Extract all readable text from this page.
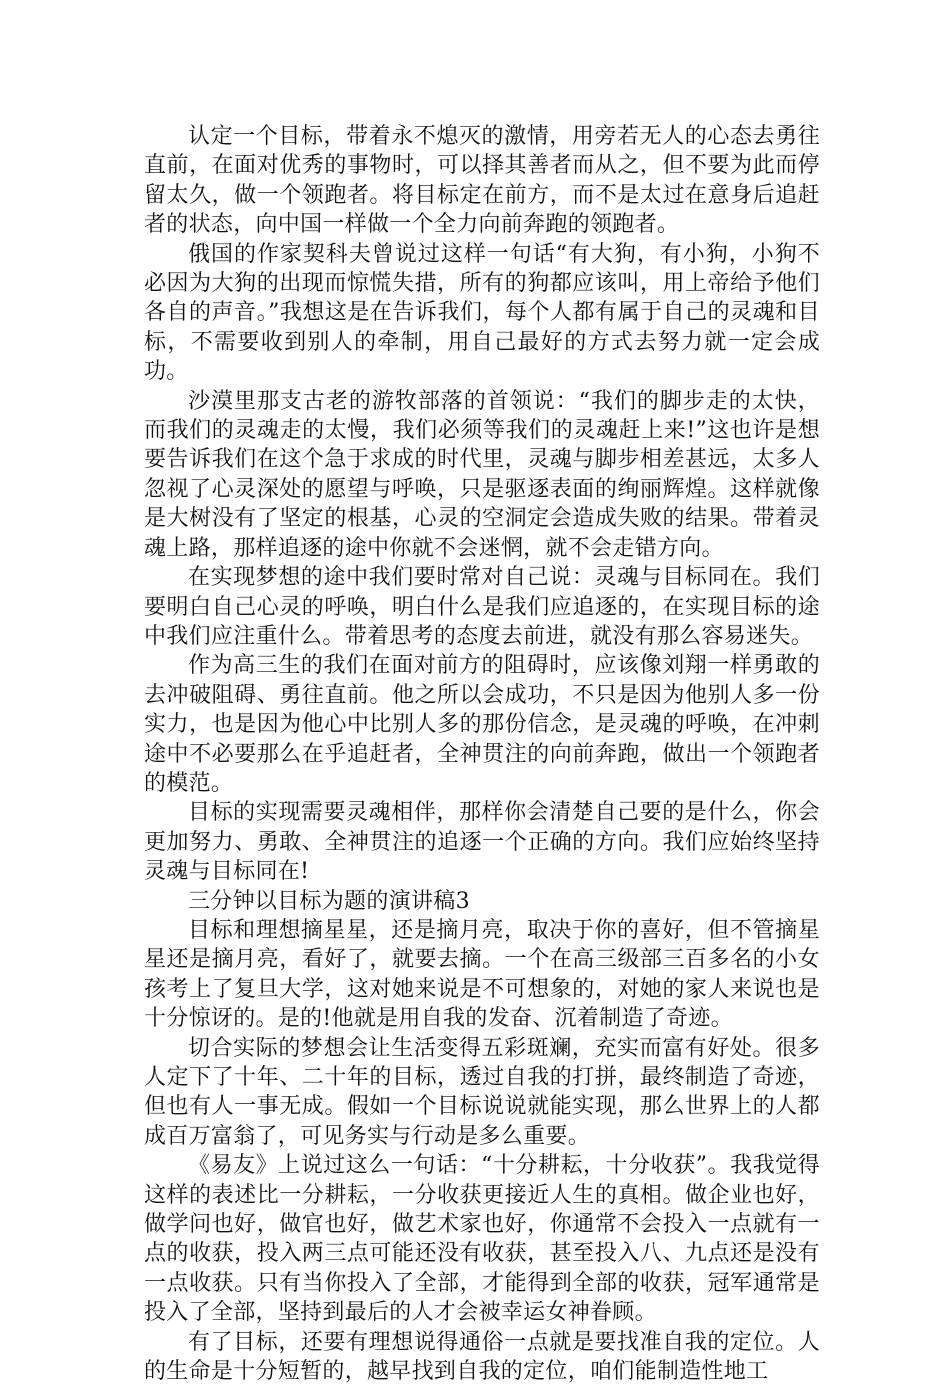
认定一个目标，带着永不熄灭的激情，用旁若无人的心态去勇往直前，在面对优秀的事物时，可以择其善者而从之，但不要为此而停留太久，做一个领跑者。将目标定在前方，而不是太过在意身后追赶者的状态，向中国一样做一个全力向前奔跑的领跑者。

俄国的作家契科夫曾说过这样一句话“有大狗，有小狗，小狗不必因为大狗的出现而惊慌失措，所有的狗都应该叫，用上帝给予他们各自的声音。”我想这是在告诉我们，每个人都有属于自己的灵魂和目标，不需要收到别人的牵制，用自己最好的方式去努力就一定会成功。

沙漠里那支古老的游牧部落的首领说：“我们的脚步走的太快，而我们的灵魂走的太慢，我们必须等我们的灵魂赶上来!”这也许是想要告诉我们在这个急于求成的时代里，灵魂与脚步相差甚远，太多人忽视了心灵深处的愿望与呼唤，只是驱逐表面的绚丽辉煌。这样就像是大树没有了坚定的根基，心灵的空洞定会造成失败的结果。带着灵魂上路，那样追逐的途中你就不会迷惘，就不会走错方向。

在实现梦想的途中我们要时常对自己说：灵魂与目标同在。我们要明白自己心灵的呼唤，明白什么是我们应追逐的，在实现目标的途中我们应注重什么。带着思考的态度去前进，就没有那么容易迷失。

作为高三生的我们在面对前方的阻碍时，应该像刘翔一样勇敢的去冲破阻碍、勇往直前。他之所以会成功，不只是因为他别人多一份实力，也是因为他心中比别人多的那份信念，是灵魂的呼唤，在冲刺途中不必要那么在乎追赶者，全神贯注的向前奔跑，做出一个领跑者的模范。

目标的实现需要灵魂相伴，那样你会清楚自己要的是什么，你会更加努力、勇敢、全神贯注的追逐一个正确的方向。我们应始终坚持灵魂与目标同在!

三分钟以目标为题的演讲稿3

目标和理想摘星星，还是摘月亮，取决于你的喜好，但不管摘星星还是摘月亮，看好了，就要去摘。一个在高三级部三百多名的小女孩考上了复旦大学，这对她来说是不可想象的，对她的家人来说也是十分惊讶的。是的!他就是用自我的发奋、沉着制造了奇迹。

切合实际的梦想会让生活变得五彩斑斓，充实而富有好处。很多人定下了十年、二十年的目标，透过自我的打拼，最终制造了奇迹，但也有人一事无成。假如一个目标说说就能实现，那么世界上的人都成百万富翁了，可见务实与行动是多么重要。

《易友》上说过这么一句话：“十分耕耘，十分收获”。我我觉得这样的表述比一分耕耘，一分收获更接近人生的真相。做企业也好，做学问也好，做官也好，做艺术家也好，你通常不会投入一点就有一点的收获，投入两三点可能还没有收获，甚至投入八、九点还是没有一点收获。只有当你投入了全部，才能得到全部的收获，冠军通常是投入了全部，坚持到最后的人才会被幸运女神眷顾。

有了目标，还要有理想说得通俗一点就是要找准自我的定位。人的生命是十分短暂的，越早找到自我的定位，咱们能制造性地工
